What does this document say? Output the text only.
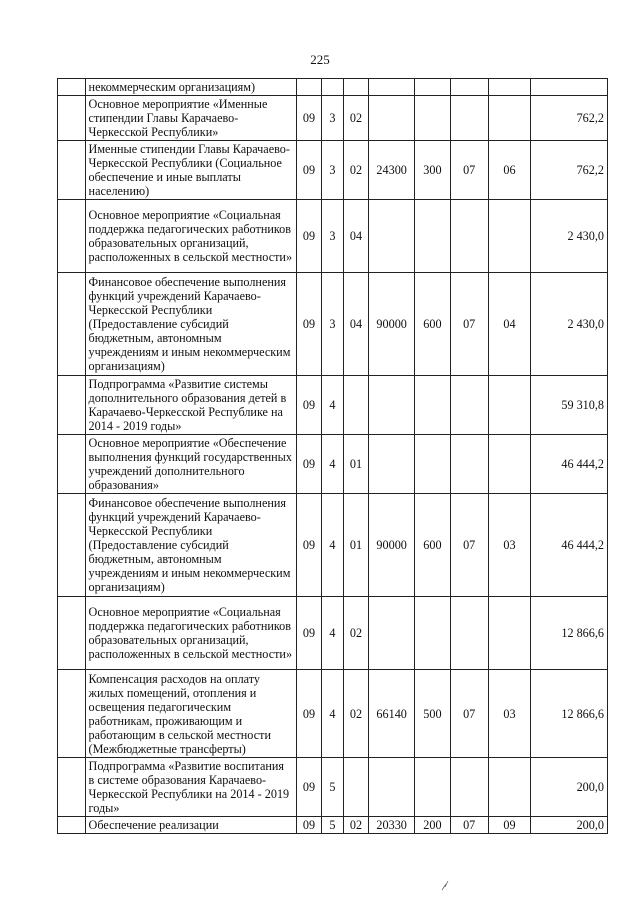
225
	некоммерческим организациям)								
	Основное мероприятие «Именные стипендии Главы Карачаево-Черкесской Республики»	09	3	02					762,2
	Именные стипендии Главы Карачаево-Черкесской Республики (Социальное обеспечение и иные выплаты населению)	09	3	02	24300	300	07	06	762,2
	Основное мероприятие «Социальная поддержка педагогических работников образовательных организаций, расположенных в сельской местности»	09	3	04					2 430,0
	Финансовое обеспечение выполнения функций учреждений Карачаево-Черкесской Республики (Предоставление субсидий бюджетным, автономным учреждениям и иным некоммерческим организациям)	09	3	04	90000	600	07	04	2 430,0
	Подпрограмма «Развитие системы дополнительного образования детей в Карачаево-Черкесской Республике на 2014 - 2019 годы»	09	4						59 310,8
	Основное мероприятие «Обеспечение выполнения функций государственных учреждений дополнительного образования»	09	4	01					46 444,2
	Финансовое обеспечение выполнения функций учреждений Карачаево-Черкесской Республики (Предоставление субсидий бюджетным, автономным учреждениям и иным некоммерческим организациям)	09	4	01	90000	600	07	03	46 444,2
	Основное мероприятие «Социальная поддержка педагогических работников образовательных организаций, расположенных в сельской местности»	09	4	02					12 866,6
	Компенсация расходов на оплату жилых помещений, отопления и освещения педагогическим работникам, проживающим и работающим в сельской местности (Межбюджетные трансферты)	09	4	02	66140	500	07	03	12 866,6
	Подпрограмма «Развитие воспитания в системе образования Карачаево-Черкесской Республики на 2014 - 2019 годы»	09	5						200,0
	Обеспечение реализации	09	5	02	20330	200	07	09	200,0
